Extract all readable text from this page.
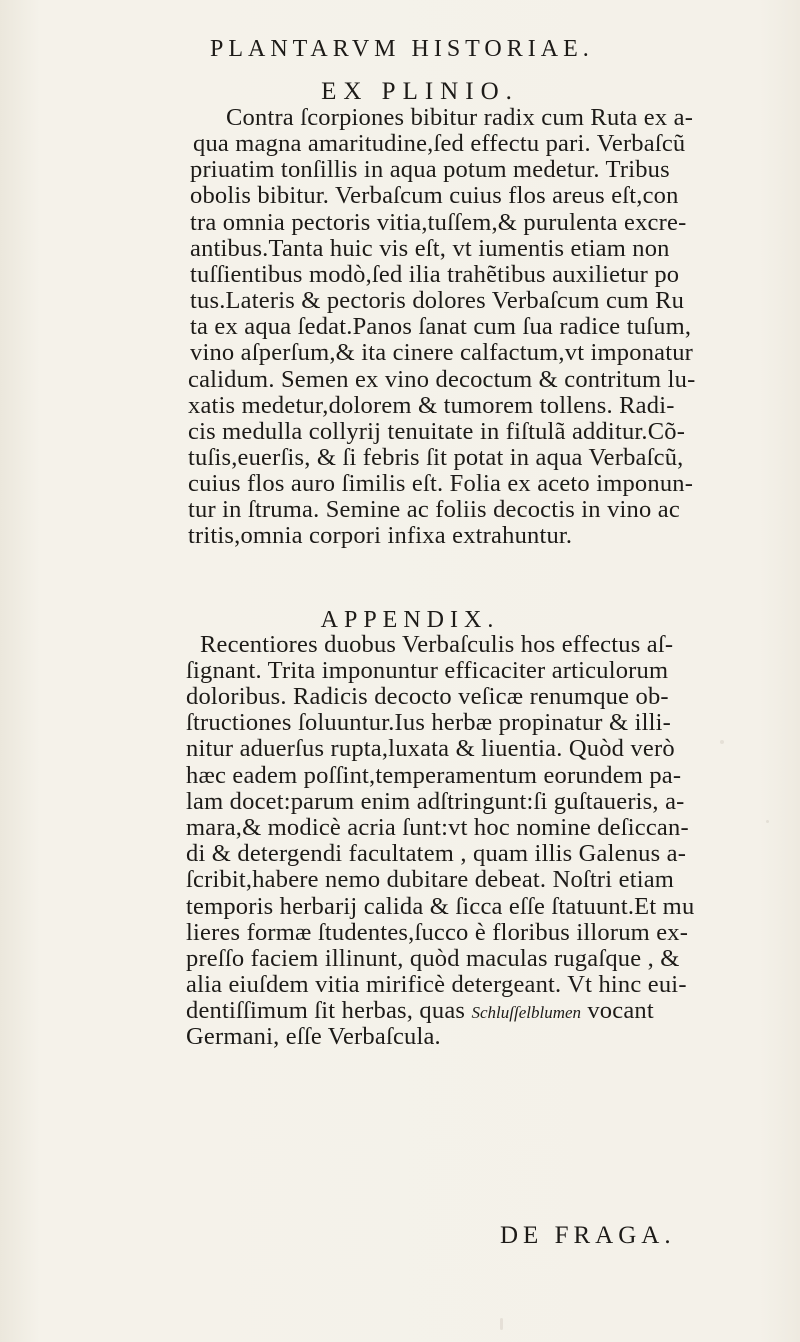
PLANTARVM HISTORIAE.
EX PLINIO.
Contra ſcorpiones bibitur radix cum Ruta ex a-
qua magna amaritudine,ſed effectu pari. Verbaſcũ
priuatim tonſillis in aqua potum medetur. Tribus
obolis bibitur. Verbaſcum cuius flos areus eſt,con
tra omnia pectoris vitia,tuſſem,& purulenta excre-
antibus.Tanta huic vis eſt, vt iumentis etiam non
tuſſientibus modò,ſed ilia trahẽtibus auxilietur po
tus.Lateris & pectoris dolores Verbaſcum cum Ru
ta ex aqua ſedat.Panos ſanat cum ſua radice tuſum,
vino aſperſum,& ita cinere calfactum,vt imponatur
calidum. Semen ex vino decoctum & contritum lu-
xatis medetur,dolorem & tumorem tollens. Radi-
cis medulla collyrij tenuitate in fiſtulã additur.Cõ-
tuſis,euerſis, & ſi febris ſit potat in aqua Verbaſcũ,
cuius flos auro ſimilis eſt. Folia ex aceto imponun-
tur in ſtruma. Semine ac foliis decoctis in vino ac
tritis,omnia corpori infixa extrahuntur.
APPENDIX.
Recentiores duobus Verbaſculis hos effectus aſ-
ſignant. Trita imponuntur efficaciter articulorum
doloribus. Radicis decocto veſicæ renumque ob-
ſtructiones ſoluuntur.Ius herbæ propinatur & illi-
nitur aduerſus rupta,luxata & liuentia. Quòd verò
hæc eadem poſſint,temperamentum eorundem pa-
lam docet:parum enim adſtringunt:ſi guſtaueris, a-
mara,& modicè acria ſunt:vt hoc nomine deſiccan-
di & detergendi facultatem , quam illis Galenus a-
ſcribit,habere nemo dubitare debeat. Noſtri etiam
temporis herbarij calida & ſicca eſſe ſtatuunt.Et mu
lieres formæ ſtudentes,ſucco è floribus illorum ex-
preſſo faciem illinunt, quòd maculas rugaſque , &
alia eiuſdem vitia mirificè detergeant. Vt hinc eui-
dentiſſimum ſit herbas, quas Schluſſelblumen vocant
Germani, eſſe Verbaſcula.
DE FRAGA.
